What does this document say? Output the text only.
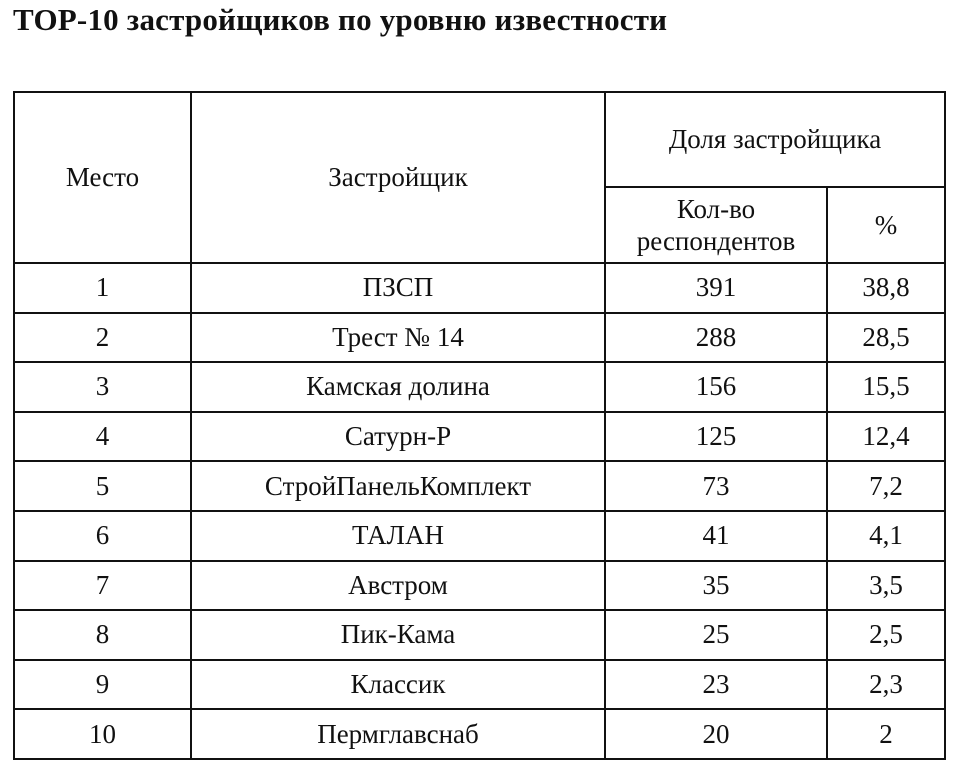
ТОР-10 застройщиков по уровню известности
Место	Застройщик	Доля застройщика	
		Кол-во респондентов	%
1	ПЗСП	391	38,8
2	Трест № 14	288	28,5
3	Камская долина	156	15,5
4	Сатурн-Р	125	12,4
5	СтройПанельКомплект	73	7,2
6	ТАЛАН	41	4,1
7	Австром	35	3,5
8	Пик-Кама	25	2,5
9	Классик	23	2,3
10	Пермглавснаб	20	2
